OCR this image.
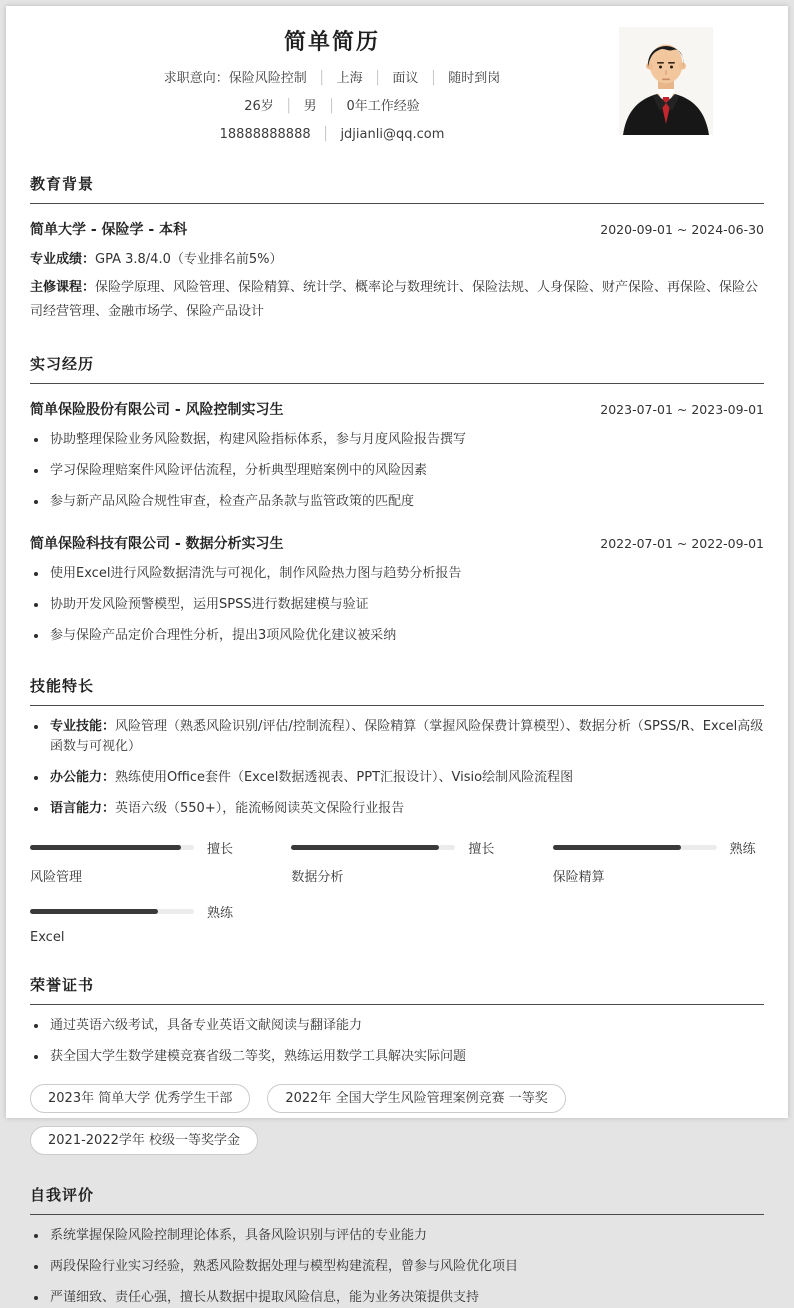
简单简历
求职意向：保险风险控制 │ 上海 │ 面议 │ 随时到岗
26岁 │ 男 │ 0年工作经验
18888888888 │ jdjianli@qq.com
教育背景
简单大学 - 保险学 - 本科	2020-09-01 ~ 2024-06-30
专业成绩：GPA 3.8/4.0（专业排名前5%）
主修课程：保险学原理、风险管理、保险精算、统计学、概率论与数理统计、保险法规、人身保险、财产保险、再保险、保险公司经营管理、金融市场学、保险产品设计
实习经历
简单保险股份有限公司 - 风险控制实习生	2023-07-01 ~ 2023-09-01
协助整理保险业务风险数据，构建风险指标体系，参与月度风险报告撰写
学习保险理赔案件风险评估流程，分析典型理赔案例中的风险因素
参与新产品风险合规性审查，检查产品条款与监管政策的匹配度
简单保险科技有限公司 - 数据分析实习生	2022-07-01 ~ 2022-09-01
使用Excel进行风险数据清洗与可视化，制作风险热力图与趋势分析报告
协助开发风险预警模型，运用SPSS进行数据建模与验证
参与保险产品定价合理性分析，提出3项风险优化建议被采纳
技能特长
专业技能：风险管理（熟悉风险识别/评估/控制流程）、保险精算（掌握风险保费计算模型）、数据分析（SPSS/R、Excel高级函数与可视化）
办公能力：熟练使用Office套件（Excel数据透视表、PPT汇报设计）、Visio绘制风险流程图
语言能力：英语六级（550+），能流畅阅读英文保险行业报告
擅长
风险管理
擅长
数据分析
熟练
保险精算
熟练
Excel
荣誉证书
通过英语六级考试，具备专业英语文献阅读与翻译能力
获全国大学生数学建模竞赛省级二等奖，熟练运用数学工具解决实际问题
2023年 简单大学 优秀学生干部	2022年 全国大学生风险管理案例竞赛 一等奖
2021-2022学年 校级一等奖学金
自我评价
系统掌握保险风险控制理论体系，具备风险识别与评估的专业能力
两段保险行业实习经验，熟悉风险数据处理与模型构建流程，曾参与风险优化项目
严谨细致、责任心强，擅长从数据中提取风险信息，能为业务决策提供支持
